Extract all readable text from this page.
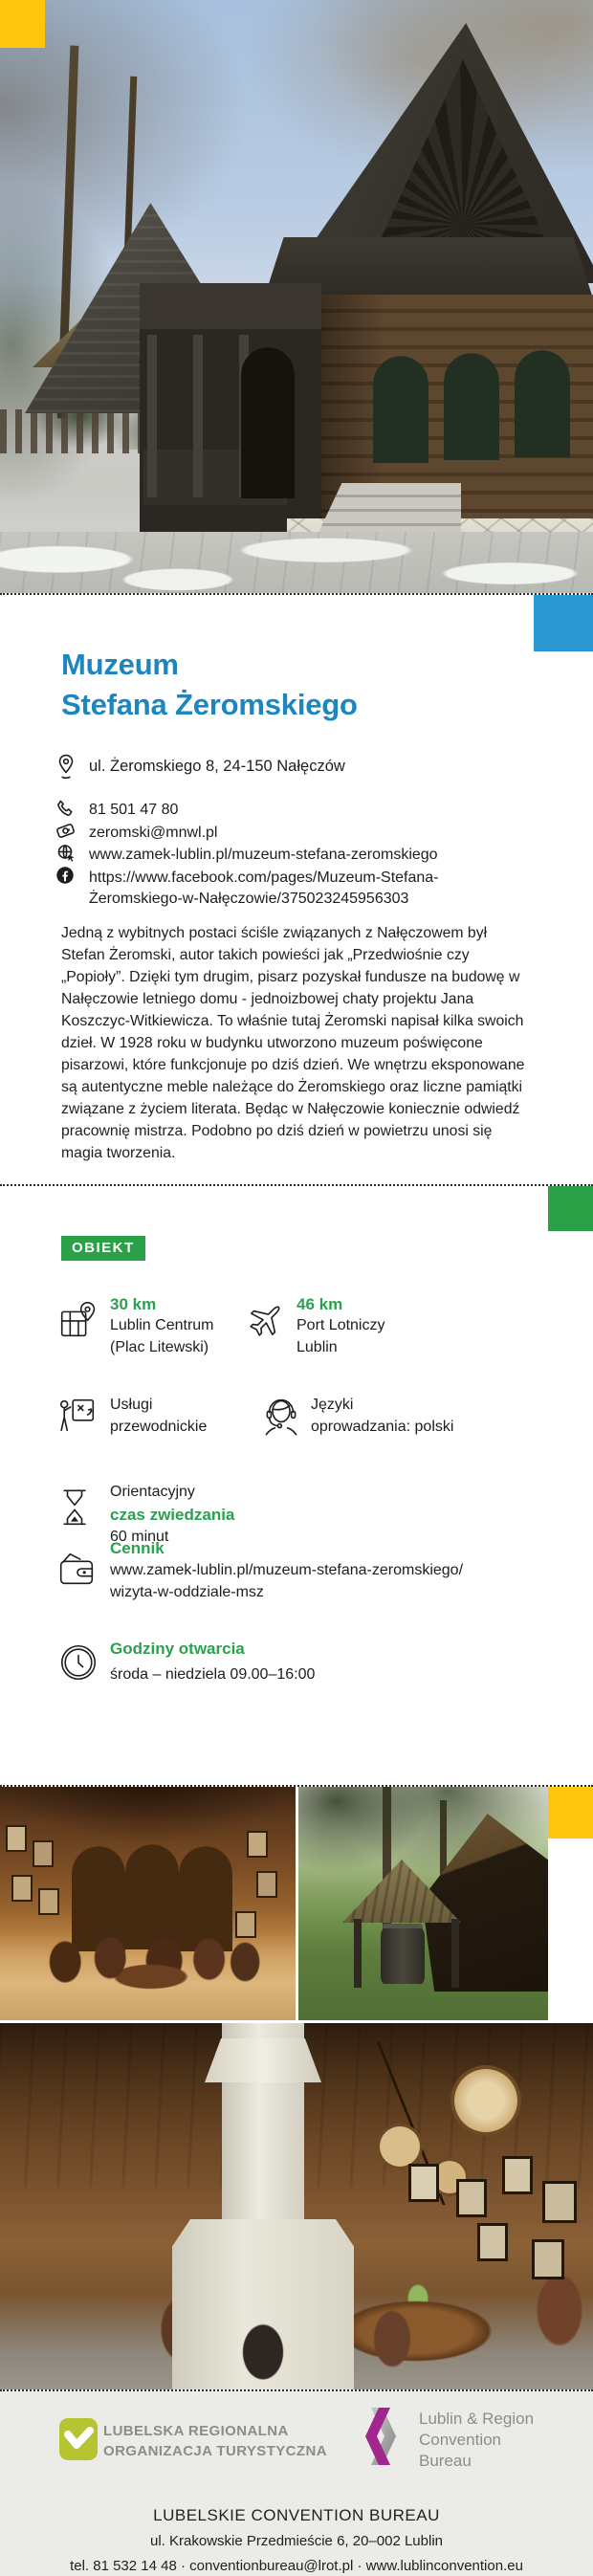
Muzeum
Stefana Żeromskiego
ul. Żeromskiego 8, 24-150 Nałęczów
81 501 47 80
zeromski@mnwl.pl
www.zamek-lublin.pl/muzeum-stefana-zeromskiego
https://www.facebook.com/pages/Muzeum-Stefana-
Żeromskiego-w-Nałęczowie/375023245956303
Jedną z wybitnych postaci ściśle związanych z Nałęczowem był Stefan Żeromski, autor takich powieści jak „Przedwiośnie czy „Popioły”. Dzięki tym drugim, pisarz pozyskał fundusze na budowę w Nałęczowie letniego domu - jednoizbowej chaty projektu Jana Koszczyc-Witkiewicza. To właśnie tutaj Żeromski napisał kilka swoich dzieł. W 1928 roku w budynku utworzono muzeum poświęcone pisarzowi, które funkcjonuje po dziś dzień. We wnętrzu eksponowane są autentyczne meble należące do Żeromskiego oraz liczne pamiątki związane z życiem literata. Będąc w Nałęczowie koniecznie odwiedź pracownię mistrza. Podobno po dziś dzień w powietrzu unosi się magia tworzenia.
OBIEKT
30 km
Lublin Centrum
(Plac Litewski)
46 km
Port Lotniczy
Lublin
Usługi
przewodnickie
Języki
oprowadzania: polski
Orientacyjny
czas zwiedzania
60 minut
Cennik
www.zamek-lublin.pl/muzeum-stefana-zeromskiego/
wizyta-w-oddziale-msz
Godziny otwarcia
środa – niedziela 09.00–16:00
LUBELSKA REGIONALNA
ORGANIZACJA TURYSTYCZNA
Lublin & Region
Convention
Bureau
LUBELSKIE CONVENTION BUREAU
ul. Krakowskie Przedmieście 6, 20–002 Lublin
tel. 81 532 14 48 · conventionbureau@lrot.pl · www.lublinconvention.eu
